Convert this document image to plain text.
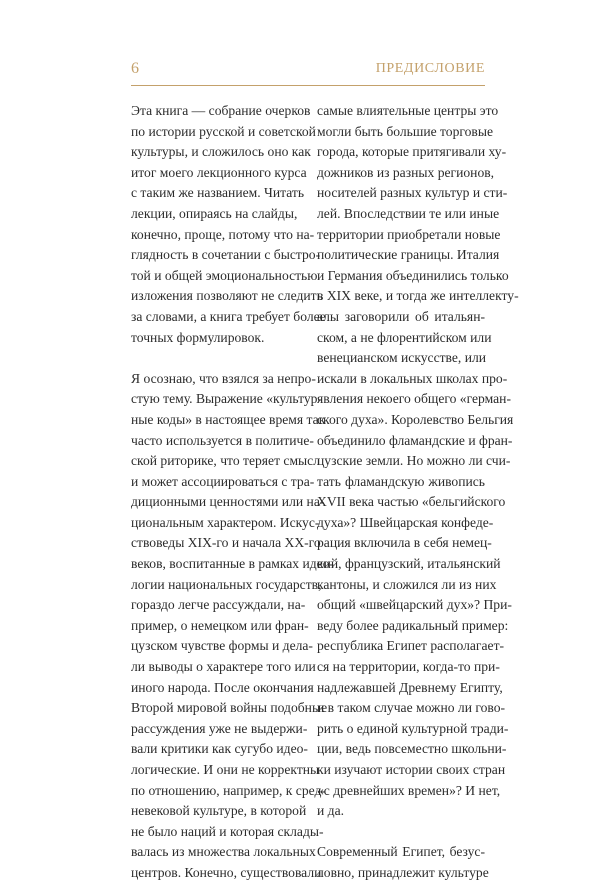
6	ПРЕДИСЛОВИЕ
Эта книга — собрание очерков
по истории русской и советской
культуры, и сложилось оно как
итог моего лекционного курса
с таким же названием. Читать
лекции, опираясь на слайды,
конечно, проще, потому что на-
глядность в сочетании с быстро-
той и общей эмоциональностью
изложения позволяют не следить
за словами, а книга требует более
точных формулировок.
Я осознаю, что взялся за непро-
стую тему. Выражение «культур-
ные коды» в настоящее время так
часто используется в политиче-
ской риторике, что теряет смысл
и может ассоциироваться с тра-
диционными ценностями или на-
циональным характером. Искус-
ствоведы XIX-го и начала XX-го
веков, воспитанные в рамках идео-
логии национальных государств,
гораздо легче рассуждали, на-
пример, о немецком или фран-
цузском чувстве формы и дела-
ли выводы о характере того или
иного народа. После окончания
Второй мировой войны подобные
рассуждения уже не выдержи-
вали критики как сугубо идео-
логические. И они не корректны
по отношению, например, к сред-
невековой культуре, в которой
не было наций и которая склады-
валась из множества локальных
центров. Конечно, существовали
самые влиятельные центры это
могли быть большие торговые
города, которые притягивали ху-
дожников из разных регионов,
носителей разных культур и сти-
лей. Впоследствии те или иные
территории приобретали новые
политические границы. Италия
и Германия объединились только
в XIX веке, и тогда же интеллекту-
алы заговорили об итальян-
ском, а не флорентийском или
венецианском искусстве, или
искали в локальных школах про-
явления некоего общего «герман-
ского духа». Королевство Бельгия
объединило фламандские и фран-
цузские земли. Но можно ли счи-
тать фламандскую живопись
XVII века частью «бельгийского
духа»? Швейцарская конфеде-
рация включила в себя немец-
кий, французский, итальянский
кантоны, и сложился ли из них
общий «швейцарский дух»? При-
веду более радикальный пример:
республика Египет располагает-
ся на территории, когда-то при-
надлежавшей Древнему Египту,
и в таком случае можно ли гово-
рить о единой культурной тради-
ции, ведь повсеместно школьни-
ки изучают истории своих стран
«с древнейших времен»? И нет,
и да.
Современный Египет, безус-
ловно, принадлежит культуре
